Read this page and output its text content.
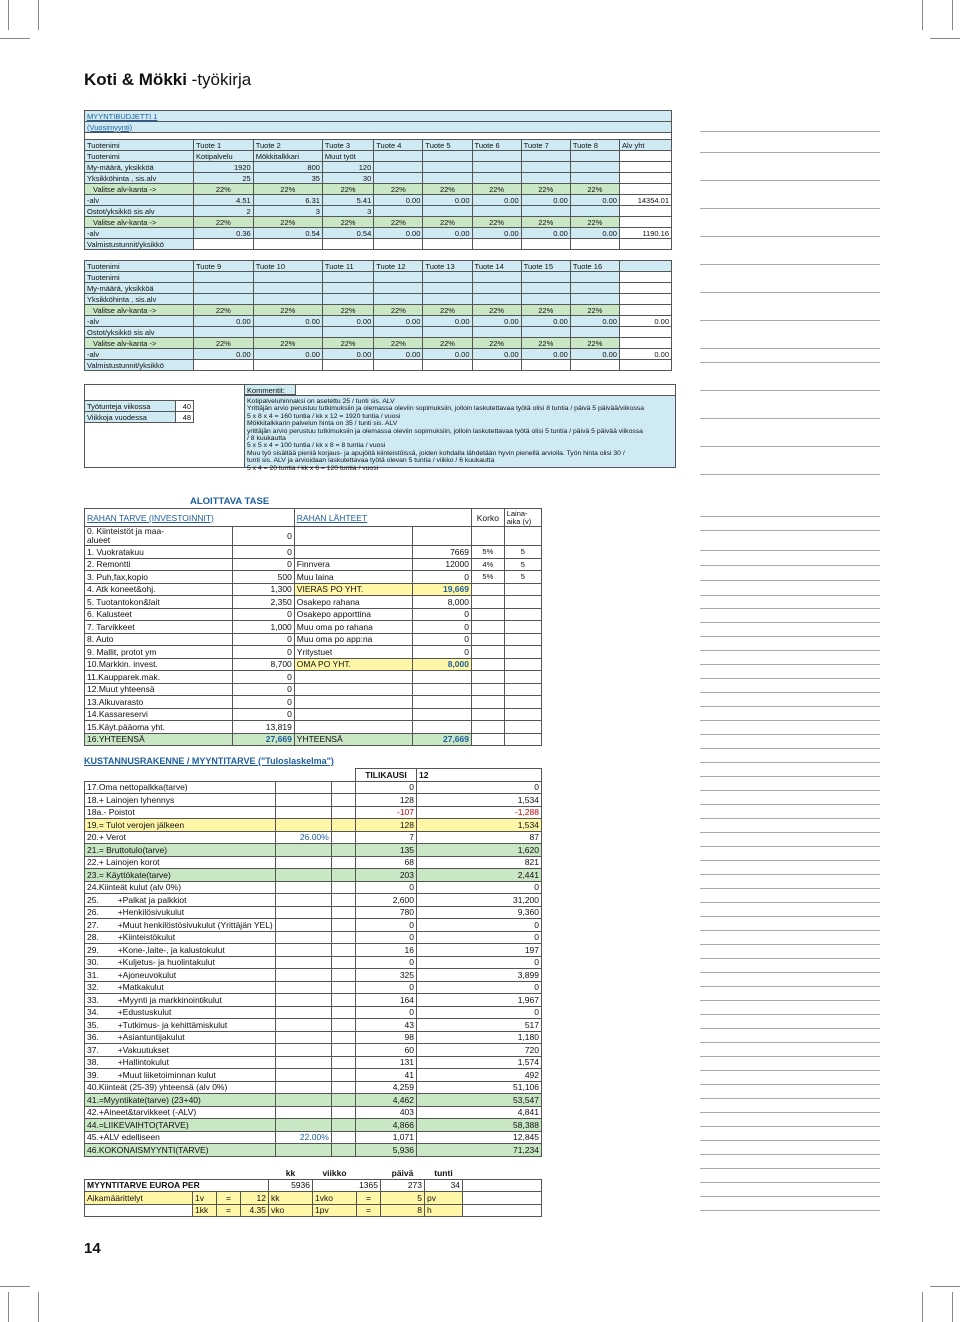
Koti & Mökki -työkirja
MYYNTIBUDJETTI 1									
(Vuosimyynti)									

Tuotenimi	Tuote 1	Tuote 2	Tuote 3	Tuote 4	Tuote 5	Tuote 6	Tuote 7	Tuote 8	Alv yht
Tuotenimi	Kotipalvelu	Mökkitalkkari	Muut työt						
My-määrä, yksikköä	1920	800	120						
Yksikköhinta , sis.alv	25	35	30						
Valitse alv-kanta ->	22%	22%	22%	22%	22%	22%	22%	22%	
-alv	4.51	6.31	5.41	0.00	0.00	0.00	0.00	0.00	14354.01
Ostot/yksikkö sis alv	2	3	3						
Valitse alv-kanta ->	22%	22%	22%	22%	22%	22%	22%	22%	
-alv	0.36	0.54	0.54	0.00	0.00	0.00	0.00	0.00	1190.16
Valmistustunnit/yksikkö									

Tuotenimi	Tuote 9	Tuote 10	Tuote 11	Tuote 12	Tuote 13	Tuote 14	Tuote 15	Tuote 16	
Tuotenimi									
My-määrä, yksikköä									
Yksikköhinta , sis.alv									
Valitse alv-kanta ->	22%	22%	22%	22%	22%	22%	22%	22%	
-alv	0.00	0.00	0.00	0.00	0.00	0.00	0.00	0.00	0.00
Ostot/yksikkö sis alv									
Valitse alv-kanta ->	22%	22%	22%	22%	22%	22%	22%	22%	
-alv	0.00	0.00	0.00	0.00	0.00	0.00	0.00	0.00	0.00
Valmistustunnit/yksikkö									
Työtunteja viikossa	40
Viikkoja vuodessa	48
Kommentit:
Kotipalveluhinnaksi on asetettu 25 / tunti sis. ALV
Yrittäjän arvio perustuu tutkimuksiin ja olemassa oleviin sopimuksiin, jolloin laskutettavaa työtä olisi 8 tuntia / päivä 5 päivää/viikossa
5 x 8 x 4 = 160 tuntia / kk x 12 = 1920 tuntia / vuosi
Mökkitalkkarin palvelun hinta on 35 / tunti sis. ALV
yrittäjän arvio perustuu tutkimuksiin ja olemassa oleviin sopimuksiin, jolloin laskutettavaa työtä olisi 5 tuntia / päivä 5 päivää viikossa
/ 8 kuukautta
5 x 5 x 4 = 100 tuntia / kk x 8 = 8 tuntia / vuosi
Muu työ sisältää pieniä korjaus- ja apujöitä kiinteistöissä, joiden kohdalla lähdetään hyvin pienellä arviolla. Työn hinta olisi 30 /
tunti sis. ALV ja arvioidaan laskutettavaa työtä olevan 5 tuntia / viikko / 6 kuukautta
5 x 4 = 20 tuntia / kk x 6 = 120 tuntia / vuosi
ALOITTAVA TASE
RAHAN TARVE (INVESTOINNIT)		RAHAN LÄHTEET		Korko	Laina-
aika (v)
0. Kiinteistöt ja maa-
alueet	0				
1. Vuokratakuu	0		7669	5%	5
2. Remontti	0	Finnvera	12000	4%	5
3. Puh,fax,kopio	500	Muu laina	0	5%	5
4. Atk koneet&ohj.	1,300	VIERAS PO YHT.	19,669		
5. Tuotantokon&lait	2,350	Osakepo rahana	8,000		
6. Kalusteet	0	Osakepo apporttina	0		
7. Tarvikkeet	1,000	Muu oma po rahana	0		
8. Auto	0	Muu oma po app:na	0		
9. Mallit, protot ym	0	Yritystuet	0		
10.Markkin. invest.	8,700	OMA PO YHT.	8,000		
11.Kaupparek.mak.	0				
12.Muut yhteensä	0				
13.Alkuvarasto	0				
14.Kassareservi	0				
15.Käyt.pääoma yht.	13,819				
16.YHTEENSÄ	27,669	YHTEENSÄ	27,669		
KUSTANNUSRAKENNE / MYYNTITARVE ("Tuloslaskelma")
			TILIKAUSI	12
17.Oma nettopalkka(tarve)			0	0
18.+ Lainojen lyhennys			128	1,534
18a.- Poistot			-107	-1,288
19.= Tulot verojen jälkeen			128	1,534
20.+ Verot	26.00%		7	87
21.= Bruttotulo(tarve)			135	1,620
22.+ Lainojen korot			68	821
23.= Käyttökate(tarve)			203	2,441
24.Kiinteät kulut (alv 0%)			0	0
25.        +Palkat ja palkkiot			2,600	31,200
26.        +Henkilösivukulut			780	9,360
27.        +Muut henkilöstösivukulut (Yrittäjän YEL)			0	0
28.        +Kiinteistökulut			0	0
29.        +Kone-,laite-, ja kalustokulut			16	197
30.        +Kuljetus- ja huolintakulut			0	0
31.        +Ajoneuvokulut			325	3,899
32.        +Matkakulut			0	0
33.        +Myynti ja markkinointikulut			164	1,967
34.        +Edustuskulut			0	0
35.        +Tutkimus- ja kehittämiskulut			43	517
36.        +Asiantuntijakulut			98	1,180
37.        +Vakuutukset			60	720
38.        +Hallintokulut			131	1,574
39.        +Muut liiketoiminnan kulut			41	492
40.Kiinteät (25-39) yhteensä (alv 0%)			4,259	51,106
41.=Myyntikate(tarve) (23+40)			4,462	53,547
42.+Aineet&tarvikkeet (-ALV)			403	4,841
44.=LIIKEVAIHTO(TARVE)			4,866	58,388
45.+ALV edelliseen	22.00%		1,071	12,845
46.KOKONAISMYYNTI(TARVE)			5,936	71,234
				kk	viikko		päivä	tunti	
MYYNTITARVE EUROA PER				5936	1365		273	34	
Aikamäärittelyt	1v	=	12	kk	1vko	=	5	pv	
	1kk	=	4.35	vko	1pv	=	8	h	
14
